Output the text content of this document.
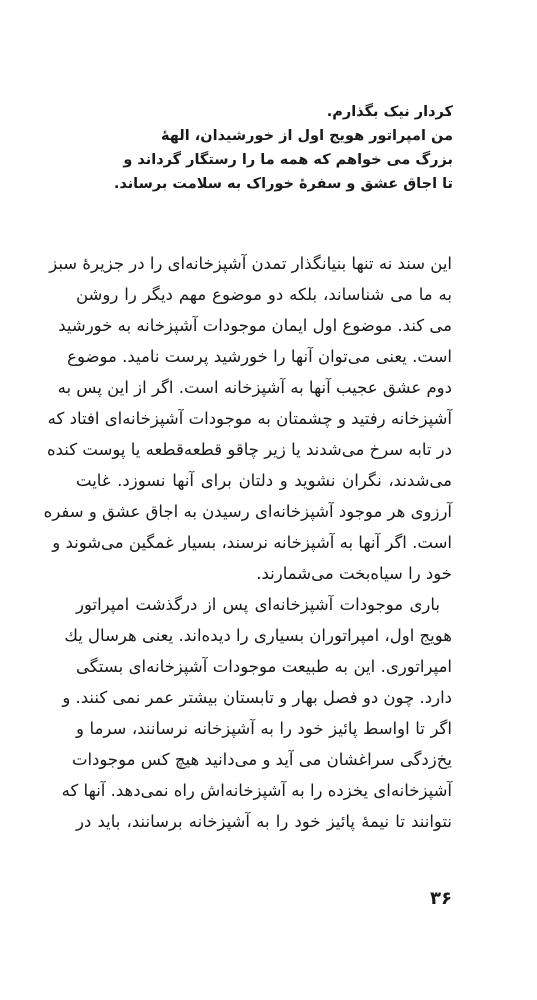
کردار نیک بگذارم.
من امپراتور هویج اول از خورشیدان، الههٔ
بزرگ می خواهم که همه ما را رستگار گرداند و
تا اجاق عشق و سفرهٔ خوراک به سلامت برساند.
این سند نه تنها بنیانگذار تمدن آشپزخانه‌ای را در جزیرهٔ سبز
به ما می شناساند، بلکه دو موضوع مهم دیگر را روشن
می کند. موضوع اول ایمان موجودات آشپزخانه به خورشید
است. یعنی می‌توان آنها را خورشید پرست نامید. موضوع
دوم عشق عجیب آنها به آشپزخانه است. اگر از این پس به
آشپزخانه رفتید و چشمتان به موجودات آشپزخانه‌ای افتاد که
در تابه سرخ می‌شدند یا زیر چاقو قطعه‌قطعه یا پوست کنده
می‌شدند، نگران نشوید و دلتان برای آنها نسوزد. غایت
آرزوی هر موجود آشپزخانه‌ای رسیدن به اجاق عشق و سفره
است. اگر آنها به آشپزخانه نرسند، بسیار غمگین می‌شوند و
خود را سیاه‌بخت می‌شمارند.
باری موجودات آشپزخانه‌ای پس از درگذشت امپراتور
هویج اول، امپراتوران بسیاری را دیده‌اند. یعنی هرسال یك
امپراتوری. این به طبیعت موجودات آشپزخانه‌ای بستگی
دارد. چون دو فصل بهار و تابستان بیشتر عمر نمی کنند. و
اگر تا اواسط پائیز خود را به آشپزخانه نرسانند، سرما و
یخ‌زدگی سراغشان می آید و می‌دانید هیچ کس موجودات
آشپزخانه‌ای یخزده را به آشپزخانه‌اش راه نمی‌دهد. آنها که
نتوانند تا نیمهٔ پائیز خود را به آشپزخانه برسانند، باید در
۳۶
